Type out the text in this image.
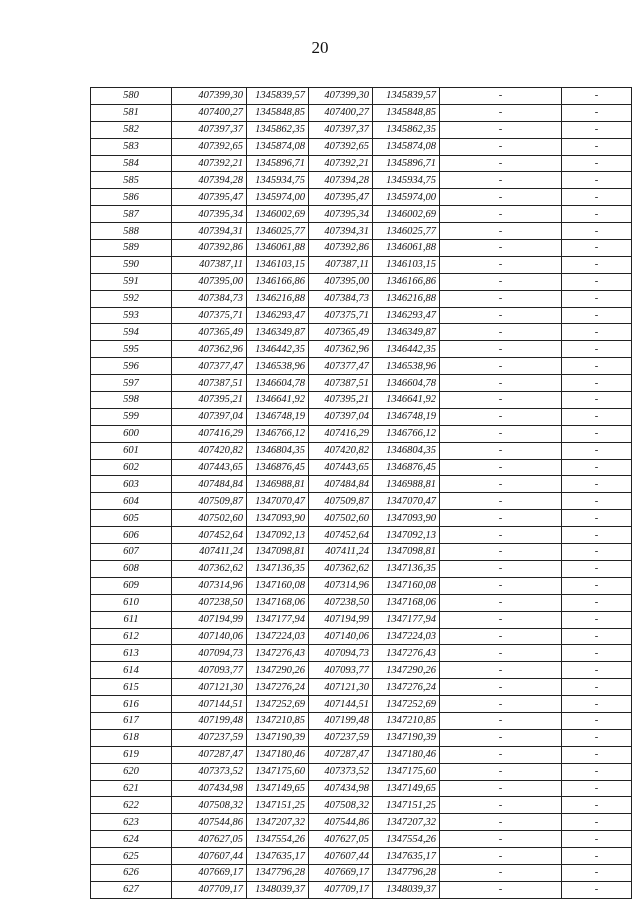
20
580	407399,30	1345839,57	407399,30	1345839,57	-	-
581	407400,27	1345848,85	407400,27	1345848,85	-	-
582	407397,37	1345862,35	407397,37	1345862,35	-	-
583	407392,65	1345874,08	407392,65	1345874,08	-	-
584	407392,21	1345896,71	407392,21	1345896,71	-	-
585	407394,28	1345934,75	407394,28	1345934,75	-	-
586	407395,47	1345974,00	407395,47	1345974,00	-	-
587	407395,34	1346002,69	407395,34	1346002,69	-	-
588	407394,31	1346025,77	407394,31	1346025,77	-	-
589	407392,86	1346061,88	407392,86	1346061,88	-	-
590	407387,11	1346103,15	407387,11	1346103,15	-	-
591	407395,00	1346166,86	407395,00	1346166,86	-	-
592	407384,73	1346216,88	407384,73	1346216,88	-	-
593	407375,71	1346293,47	407375,71	1346293,47	-	-
594	407365,49	1346349,87	407365,49	1346349,87	-	-
595	407362,96	1346442,35	407362,96	1346442,35	-	-
596	407377,47	1346538,96	407377,47	1346538,96	-	-
597	407387,51	1346604,78	407387,51	1346604,78	-	-
598	407395,21	1346641,92	407395,21	1346641,92	-	-
599	407397,04	1346748,19	407397,04	1346748,19	-	-
600	407416,29	1346766,12	407416,29	1346766,12	-	-
601	407420,82	1346804,35	407420,82	1346804,35	-	-
602	407443,65	1346876,45	407443,65	1346876,45	-	-
603	407484,84	1346988,81	407484,84	1346988,81	-	-
604	407509,87	1347070,47	407509,87	1347070,47	-	-
605	407502,60	1347093,90	407502,60	1347093,90	-	-
606	407452,64	1347092,13	407452,64	1347092,13	-	-
607	407411,24	1347098,81	407411,24	1347098,81	-	-
608	407362,62	1347136,35	407362,62	1347136,35	-	-
609	407314,96	1347160,08	407314,96	1347160,08	-	-
610	407238,50	1347168,06	407238,50	1347168,06	-	-
611	407194,99	1347177,94	407194,99	1347177,94	-	-
612	407140,06	1347224,03	407140,06	1347224,03	-	-
613	407094,73	1347276,43	407094,73	1347276,43	-	-
614	407093,77	1347290,26	407093,77	1347290,26	-	-
615	407121,30	1347276,24	407121,30	1347276,24	-	-
616	407144,51	1347252,69	407144,51	1347252,69	-	-
617	407199,48	1347210,85	407199,48	1347210,85	-	-
618	407237,59	1347190,39	407237,59	1347190,39	-	-
619	407287,47	1347180,46	407287,47	1347180,46	-	-
620	407373,52	1347175,60	407373,52	1347175,60	-	-
621	407434,98	1347149,65	407434,98	1347149,65	-	-
622	407508,32	1347151,25	407508,32	1347151,25	-	-
623	407544,86	1347207,32	407544,86	1347207,32	-	-
624	407627,05	1347554,26	407627,05	1347554,26	-	-
625	407607,44	1347635,17	407607,44	1347635,17	-	-
626	407669,17	1347796,28	407669,17	1347796,28	-	-
627	407709,17	1348039,37	407709,17	1348039,37	-	-
